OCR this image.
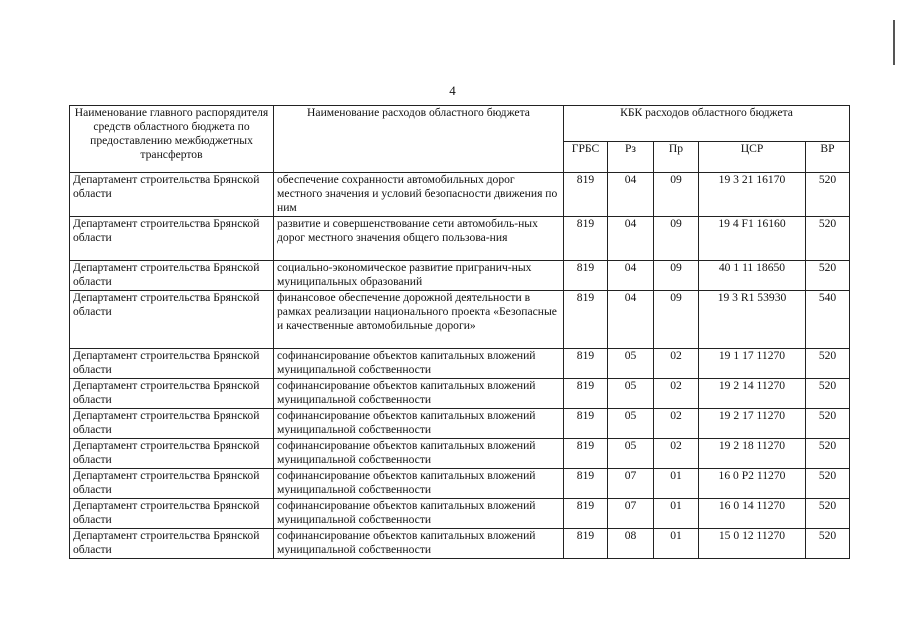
4
Наименование главного распорядителя средств областного бюджета по предоставлению межбюджетных трансфертов	Наименование расходов областного бюджета	КБК расходов областного бюджета				
		ГРБС	Рз	Пр	ЦСР	ВР
Департамент строительства Брянской области	обеспечение сохранности автомобильных дорог местного значения и условий безопасности движения по ним	819	04	09	19 3 21 16170	520
Департамент строительства Брянской области	развитие и совершенствование сети автомобиль-ных дорог местного значения общего пользова-ния	819	04	09	19 4 F1 16160	520
Департамент строительства Брянской области	социально-экономическое развитие пригранич-ных муниципальных образований	819	04	09	40 1 11 18650	520
Департамент строительства Брянской области	финансовое обеспечение дорожной деятельности в рамках реализации национального проекта «Безопасные и качественные автомобильные дороги»	819	04	09	19 3 R1 53930	540
Департамент строительства Брянской области	софинансирование объектов капитальных вложений муниципальной собственности	819	05	02	19 1 17 11270	520
Департамент строительства Брянской области	софинансирование объектов капитальных вложений муниципальной собственности	819	05	02	19 2 14 11270	520
Департамент строительства Брянской области	софинансирование объектов капитальных вложений муниципальной собственности	819	05	02	19 2 17 11270	520
Департамент строительства Брянской области	софинансирование объектов капитальных вложений муниципальной собственности	819	05	02	19 2 18 11270	520
Департамент строительства Брянской области	софинансирование объектов капитальных вложений муниципальной собственности	819	07	01	16 0 P2 11270	520
Департамент строительства Брянской области	софинансирование объектов капитальных вложений муниципальной собственности	819	07	01	16 0 14 11270	520
Департамент строительства Брянской области	софинансирование объектов капитальных вложений муниципальной собственности	819	08	01	15 0 12 11270	520
